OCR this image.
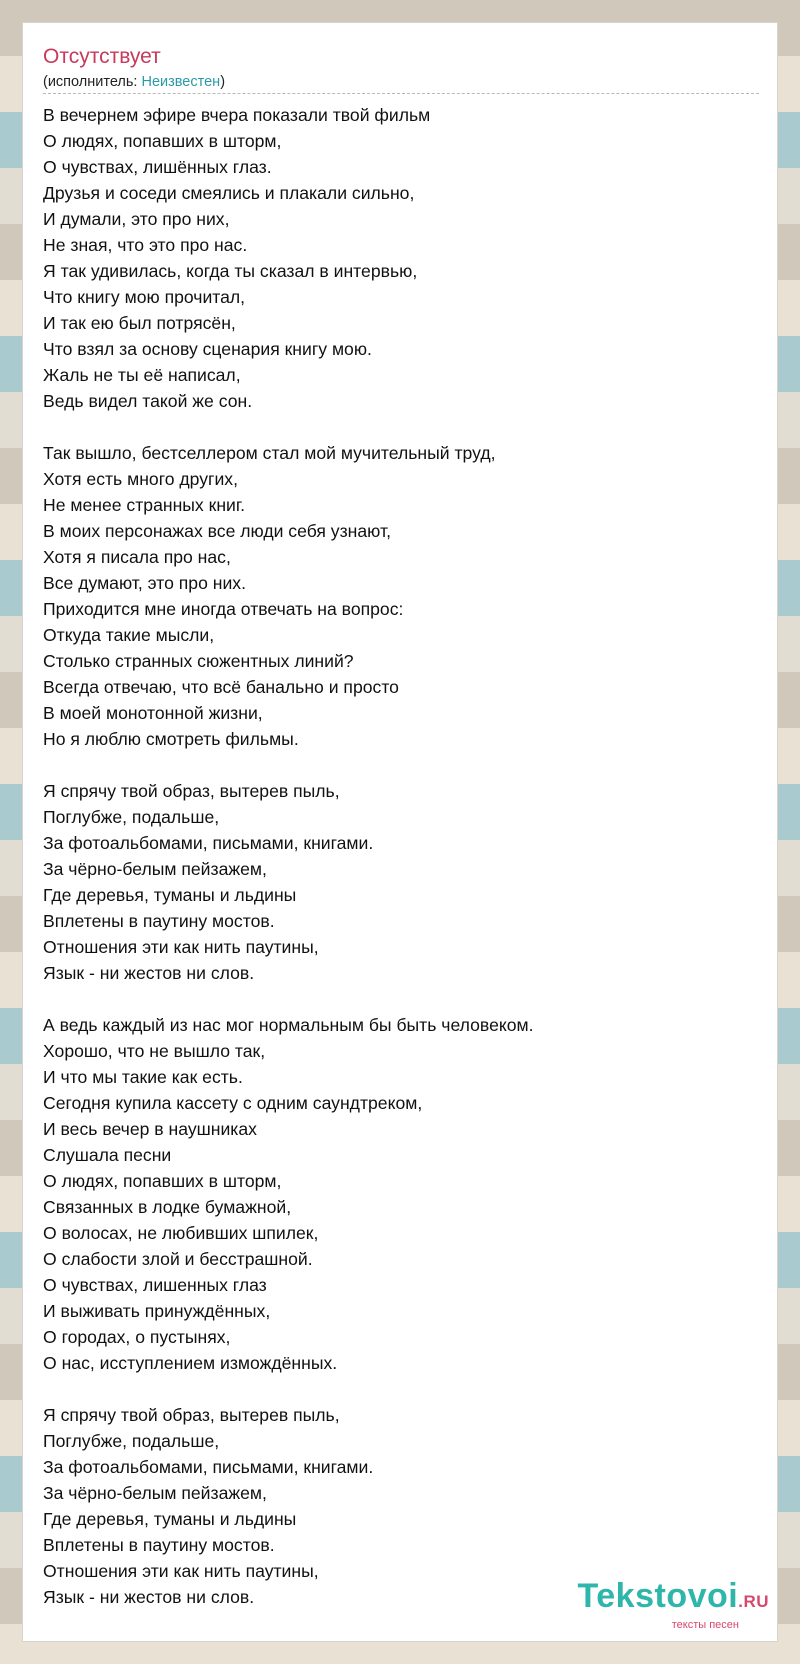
Отсутствует
(исполнитель: Неизвестен)
В вечернем эфире вчера показали твой фильм
О людях, попавших в шторм,
О чувствах, лишённых глаз.
Друзья и соседи смеялись и плакали сильно,
И думали, это про них,
Не зная, что это про нас.
Я так удивилась, когда ты сказал в интервью,
Что книгу мою прочитал,
И так ею был потрясён,
Что взял за основу сценария книгу мою.
Жаль не ты её написал,
Ведь видел такой же сон.
Так вышло, бестселлером стал мой мучительный труд,
Хотя есть много других,
Не менее странных книг.
В моих персонажах все люди себя узнают,
Хотя я писала про нас,
Все думают, это про них.
Приходится мне иногда отвечать на вопрос:
Откуда такие мысли,
Столько странных сюжентных линий?
Всегда отвечаю, что всё банально и просто
В моей монотонной жизни,
Но я люблю смотреть фильмы.
Я спрячу твой образ, вытерев пыль,
Поглубже, подальше,
За фотоальбомами, письмами, книгами.
За чёрно-белым пейзажем,
Где деревья, туманы и льдины
Вплетены в паутину мостов.
Отношения эти как нить паутины,
Язык - ни жестов ни слов.
А ведь каждый из нас мог нормальным бы быть человеком.
Хорошо, что не вышло так,
И что мы такие как есть.
Сегодня купила кассету с одним саундтреком,
И весь вечер в наушниках
Слушала песни
О людях, попавших в шторм,
Связанных в лодке бумажной,
О волосах, не любивших шпилек,
О слабости злой и бесстрашной.
О чувствах, лишенных глаз
И выживать принуждённых,
О городах, о пустынях,
О нас, исступлением измождённых.
Я спрячу твой образ, вытерев пыль,
Поглубже, подальше,
За фотоальбомами, письмами, книгами.
За чёрно-белым пейзажем,
Где деревья, туманы и льдины
Вплетены в паутину мостов.
Отношения эти как нить паутины,
Язык - ни жестов ни слов.	Tekstovoi.RU
тексты песен
